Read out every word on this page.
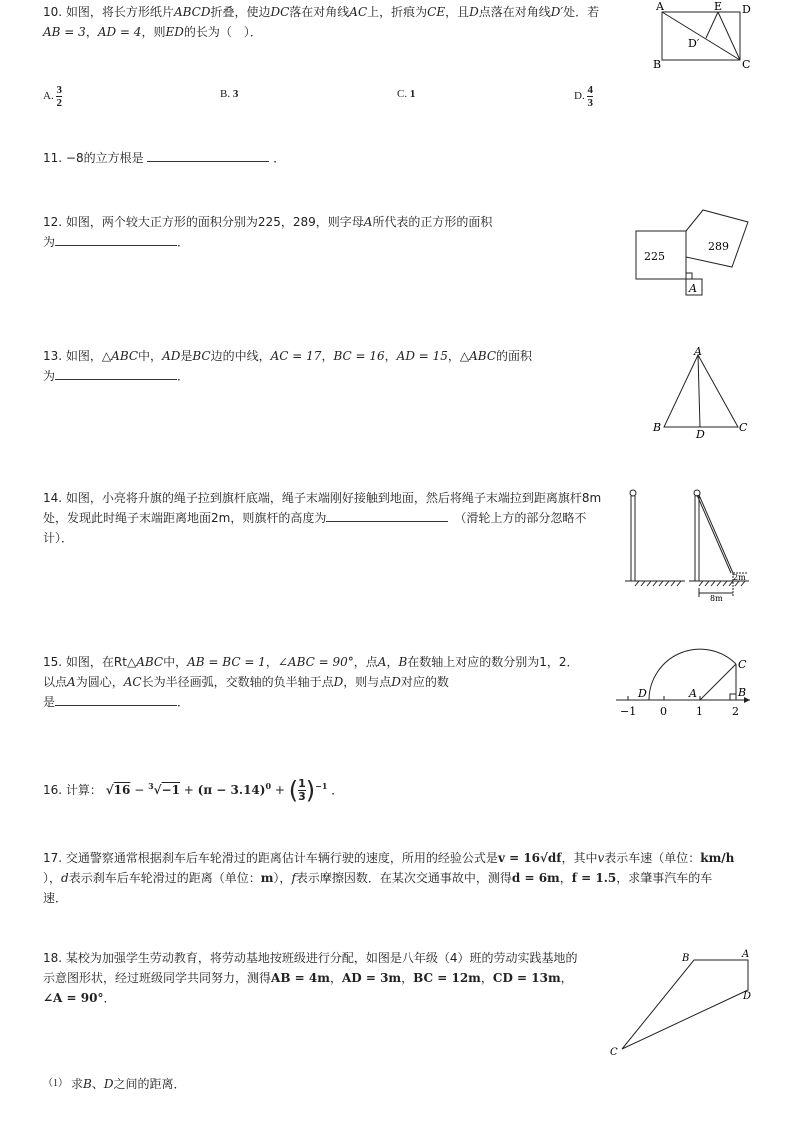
10. 如图，将长方形纸片ABCD折叠，使边DC落在对角线AC上，折痕为CE，且D点落在对角线D′处．若
AB = 3，AD = 4，则ED的长为（　）．
A. $\frac{3}{2}$	B. 3	C. 1	D. $\frac{4}{3}$
A	E D
D′
B	C
11. −8的立方根是	．
12. 如图，两个较大正方形的面积分别为225，289，则字母A所代表的正方形的面积
为	．
225
289
A
13. 如图，△ABC中，AD是BC边的中线，AC = 17，BC = 16，AD = 15，△ABC的面积
为	．
A
B
D
C
14. 如图，小亮将升旗的绳子拉到旗杆底端，绳子末端刚好接触到地面，然后将绳子末端拉到距离旗杆8m
处，发现此时绳子末端距离地面2m，则旗杆的高度为　	（滑轮上方的部分忽略不
计）．
2m
8m
15. 如图，在Rt△ABC中，AB = BC = 1，∠ABC = 90°，点A，B在数轴上对应的数分别为1，2．
以点A为圆心，AC长为半径画弧，交数轴的负半轴于点D，则与点D对应的数
是	．
C
D	A	B
−1 0	1	2
16. 计算： $√16 - ^3√-1 + (\pi - 3.14)^0$ + ( $\frac{1}{3} )^{-1}$ ．
17. 交通警察通常根据刹车后车轮滑过的距离估计车辆行驶的速度，所用的经验公式是v = 16√df，其中v表示车速（单位：km/h
），d表示刹车后车轮滑过的距离（单位：m），f表示摩擦因数．在某次交通事故中，测得d = 6m，f = 1.5，求肇事汽车的车
速．
18. 某校为加强学生劳动教育，将劳动基地按班级进行分配，如图是八年级（4）班的劳动实践基地的
示意图形状，经过班级同学共同努力，测得AB = 4m，AD = 3m，BC = 12m，CD = 13m，
∠A = 90°．
B	A
D
C
$^{(1)}$ 求B、D之间的距离．
